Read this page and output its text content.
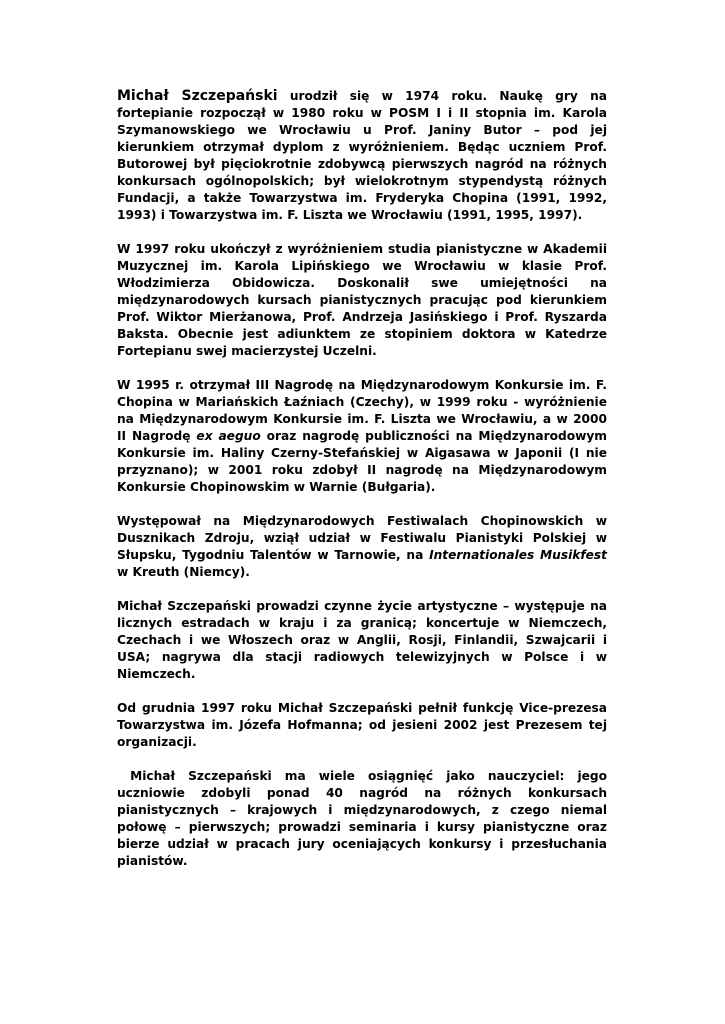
Michał Szczepański urodził się w 1974 roku. Naukę gry na fortepianie rozpoczął w 1980 roku w POSM I i II stopnia im. Karola Szymanowskiego we Wrocławiu u Prof. Janiny Butor – pod jej kierunkiem otrzymał dyplom z wyróżnieniem. Będąc uczniem Prof. Butorowej był pięciokrotnie zdobywcą pierwszych nagród na różnych konkursach ogólnopolskich; był wielokrotnym stypendystą różnych Fundacji, a także Towarzystwa im. Fryderyka Chopina (1991, 1992, 1993) i Towarzystwa im. F. Liszta we Wrocławiu (1991, 1995, 1997).

W 1997 roku ukończył z wyróżnieniem studia pianistyczne w Akademii Muzycznej im. Karola Lipińskiego we Wrocławiu w klasie Prof. Włodzimierza Obidowicza. Doskonalił swe umiejętności na międzynarodowych kursach pianistycznych pracując pod kierunkiem Prof. Wiktor Mierżanowa, Prof. Andrzeja Jasińskiego i Prof. Ryszarda Baksta. Obecnie jest adiunktem ze stopiniem doktora w Katedrze Fortepianu swej macierzystej Uczelni.

W 1995 r. otrzymał III Nagrodę na Międzynarodowym Konkursie im. F. Chopina w Mariańskich Łaźniach (Czechy), w 1999 roku - wyróżnienie na Międzynarodowym Konkursie im. F. Liszta we Wrocławiu, a w 2000 II Nagrodę ex aeguo oraz nagrodę publiczności na Międzynarodowym Konkursie im. Haliny Czerny-Stefańskiej w Aigasawa w Japonii (I nie przyznano); w 2001 roku zdobył II nagrodę na Międzynarodowym Konkursie Chopinowskim w Warnie (Bułgaria).

Występował na Międzynarodowych Festiwalach Chopinowskich w Dusznikach Zdroju, wziął udział w Festiwalu Pianistyki Polskiej w Słupsku, Tygodniu Talentów w Tarnowie, na Internationales Musikfest w Kreuth (Niemcy).

Michał Szczepański prowadzi czynne życie artystyczne – występuje na licznych estradach w kraju i za granicą; koncertuje w Niemczech, Czechach i we Włoszech oraz w Anglii, Rosji, Finlandii, Szwajcarii i USA; nagrywa dla stacji radiowych telewizyjnych w Polsce i w Niemczech.

Od grudnia 1997 roku Michał Szczepański pełnił funkcję Vice-prezesa Towarzystwa im. Józefa Hofmanna; od jesieni 2002 jest Prezesem tej organizacji.

Michał Szczepański ma wiele osiągnięć jako nauczyciel: jego uczniowie zdobyli ponad 40 nagród na różnych konkursach pianistycznych – krajowych i międzynarodowych, z czego niemal połowę – pierwszych; prowadzi seminaria i kursy pianistyczne oraz bierze udział w pracach jury oceniających konkursy i przesłuchania  pianistów.
